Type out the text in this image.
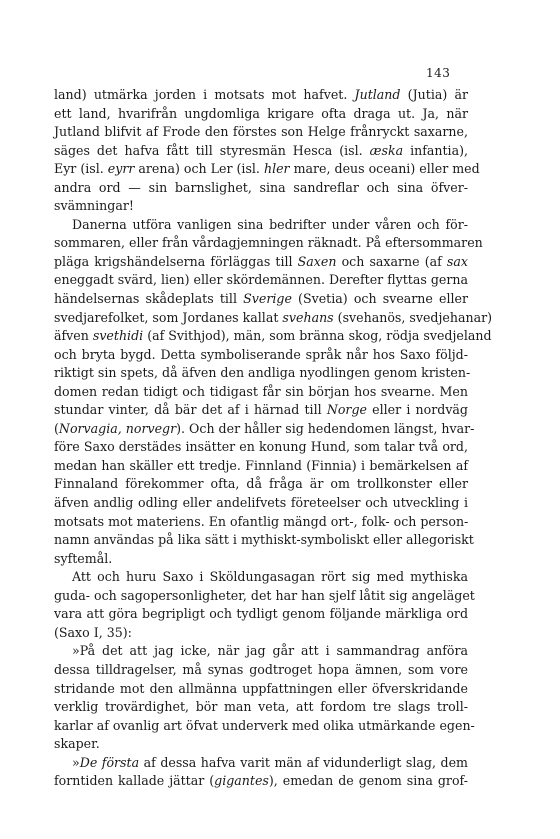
143
land) utmärka jorden i motsats mot hafvet. Jutland (Jutia) är
ett land, hvarifrån ungdomliga krigare ofta draga ut. Ja, när
Jutland blifvit af Frode den förstes son Helge frånryckt saxarne,
säges det hafva fått till styresmän Hesca (isl. æska infantia),
Eyr (isl. eyrr arena) och Ler (isl. hler mare, deus oceani) eller med
andra ord — sin barnslighet, sina sandreflar och sina öfver-
svämningar!
Danerna utföra vanligen sina bedrifter under våren och för-
sommaren, eller från vårdagjemningen räknadt. På eftersommaren
pläga krigshändelserna förläggas till Saxen och saxarne (af sax
eneggadt svärd, lien) eller skördemännen. Derefter flyttas gerna
händelsernas skådeplats till Sverige (Svetia) och svearne eller
svedjarefolket, som Jordanes kallat svehans (svehanös, svedjehanar)
äfven svethidi (af Svithjod), män, som bränna skog, rödja svedjeland
och bryta bygd. Detta symboliserande språk når hos Saxo följd-
riktigt sin spets, då äfven den andliga nyodlingen genom kristen-
domen redan tidigt och tidigast får sin början hos svearne. Men
stundar vinter, då bär det af i härnad till Norge eller i nordväg
(Norvagia, norvegr). Och der håller sig hedendomen längst, hvar-
före Saxo derstädes insätter en konung Hund, som talar två ord,
medan han skäller ett tredje. Finnland (Finnia) i bemärkelsen af
Finnaland förekommer ofta, då fråga är om trollkonster eller
äfven andlig odling eller andelifvets företeelser och utveckling i
motsats mot materiens. En ofantlig mängd ort-, folk- och person-
namn användas på lika sätt i mythiskt-symboliskt eller allegoriskt
syftemål.
Att och huru Saxo i Sköldungasagan rört sig med mythiska
guda- och sagopersonligheter, det har han sjelf låtit sig angeläget
vara att göra begripligt och tydligt genom följande märkliga ord
(Saxo I, 35):
»På det att jag icke, när jag går att i sammandrag anföra
dessa tilldragelser, må synas godtroget hopa ämnen, som vore
stridande mot den allmänna uppfattningen eller öfverskridande
verklig trovärdighet, bör man veta, att fordom tre slags troll-
karlar af ovanlig art öfvat underverk med olika utmärkande egen-
skaper.
»De första af dessa hafva varit män af vidunderligt slag, dem
forntiden kallade jättar (gigantes), emedan de genom sina grof-
